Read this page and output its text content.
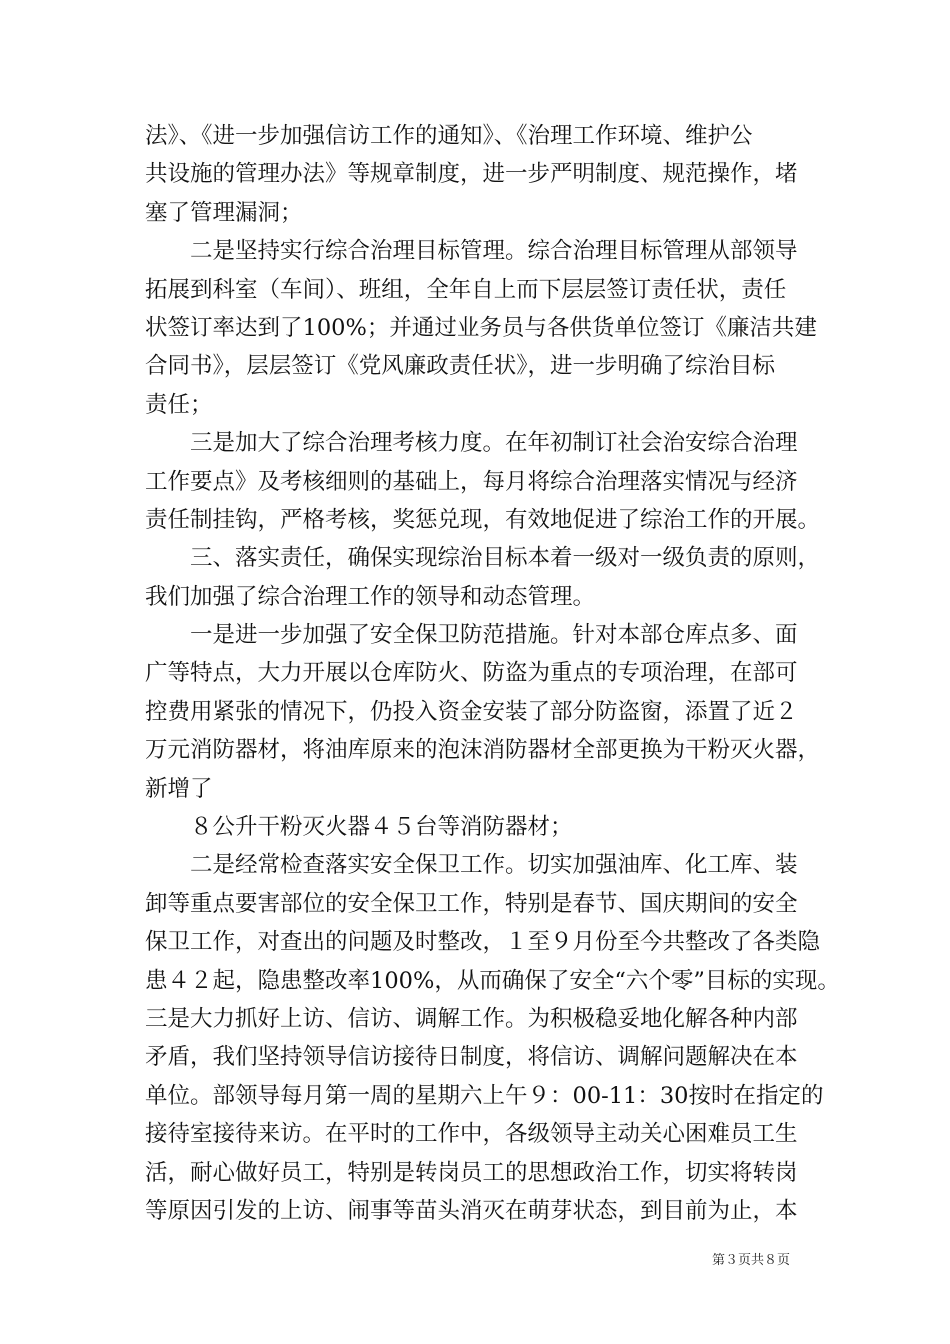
法》、《进一步加强信访工作的通知》、《治理工作环境、维护公
共设施的管理办法》等规章制度，进一步严明制度、规范操作，堵
塞了管理漏洞；
二是坚持实行综合治理目标管理。综合治理目标管理从部领导
拓展到科室（车间）、班组，全年自上而下层层签订责任状，责任
状签订率达到了100%；并通过业务员与各供货单位签订《廉洁共建
合同书》，层层签订《党风廉政责任状》，进一步明确了综治目标
责任；
三是加大了综合治理考核力度。在年初制订社会治安综合治理
工作要点》及考核细则的基础上，每月将综合治理落实情况与经济
责任制挂钩，严格考核，奖惩兑现，有效地促进了综治工作的开展。
三、落实责任，确保实现综治目标本着一级对一级负责的原则，
我们加强了综合治理工作的领导和动态管理。
一是进一步加强了安全保卫防范措施。针对本部仓库点多、面
广等特点，大力开展以仓库防火、防盗为重点的专项治理，在部可
控费用紧张的情况下，仍投入资金安装了部分防盗窗，添置了近２
万元消防器材，将油库原来的泡沫消防器材全部更换为干粉灭火器，
新增了
８公升干粉灭火器４５台等消防器材；
二是经常检查落实安全保卫工作。切实加强油库、化工库、装
卸等重点要害部位的安全保卫工作，特别是春节、国庆期间的安全
保卫工作，对查出的问题及时整改，１至９月份至今共整改了各类隐
患４２起，隐患整改率100%，从而确保了安全“六个零”目标的实现。
三是大力抓好上访、信访、调解工作。为积极稳妥地化解各种内部
矛盾，我们坚持领导信访接待日制度，将信访、调解问题解决在本
单位。部领导每月第一周的星期六上午９：00-11：30按时在指定的
接待室接待来访。在平时的工作中，各级领导主动关心困难员工生
活，耐心做好员工，特别是转岗员工的思想政治工作，切实将转岗
等原因引发的上访、闹事等苗头消灭在萌芽状态，到目前为止，本
第３页共８页
